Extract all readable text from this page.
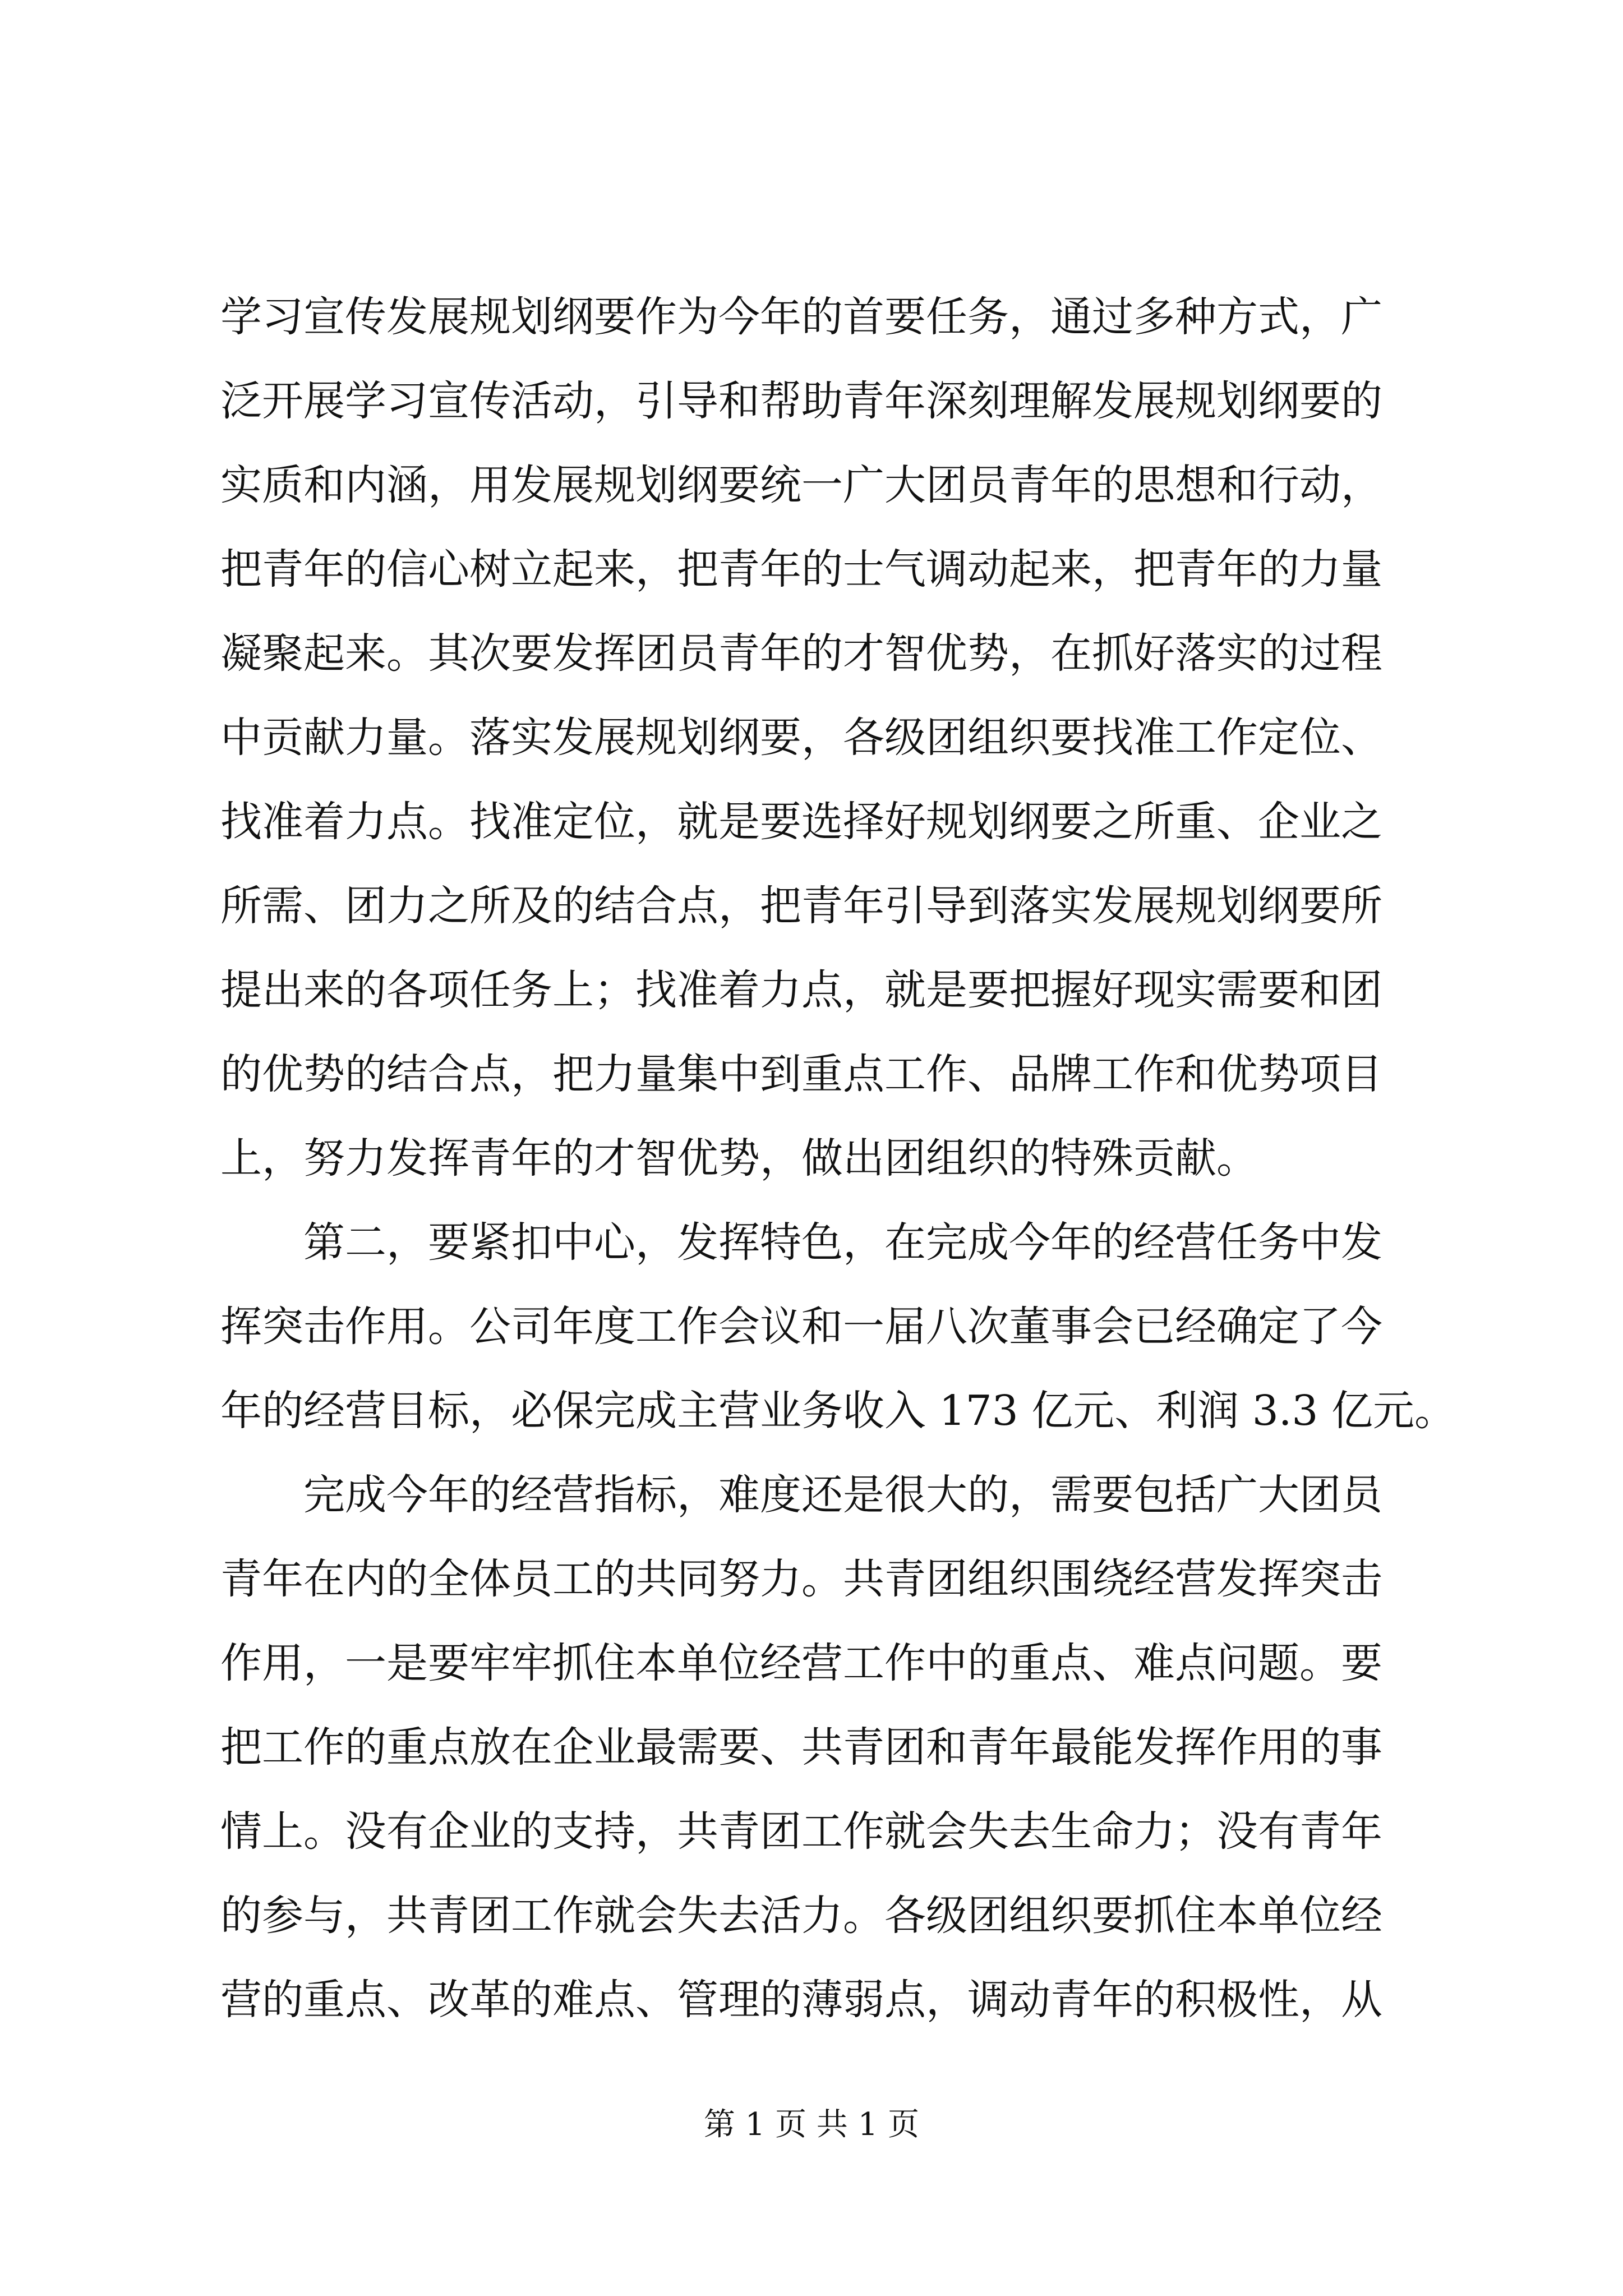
学习宣传发展规划纲要作为今年的首要任务，通过多种方式，广
泛开展学习宣传活动，引导和帮助青年深刻理解发展规划纲要的
实质和内涵，用发展规划纲要统一广大团员青年的思想和行动，
把青年的信心树立起来，把青年的士气调动起来，把青年的力量
凝聚起来。其次要发挥团员青年的才智优势，在抓好落实的过程
中贡献力量。落实发展规划纲要，各级团组织要找准工作定位、
找准着力点。找准定位，就是要选择好规划纲要之所重、企业之
所需、团力之所及的结合点，把青年引导到落实发展规划纲要所
提出来的各项任务上；找准着力点，就是要把握好现实需要和团
的优势的结合点，把力量集中到重点工作、品牌工作和优势项目
上，努力发挥青年的才智优势，做出团组织的特殊贡献。
第二，要紧扣中心，发挥特色，在完成今年的经营任务中发
挥突击作用。公司年度工作会议和一届八次董事会已经确定了今
年的经营目标，必保完成主营业务收入 173 亿元、利润 3.3 亿元。
完成今年的经营指标，难度还是很大的，需要包括广大团员
青年在内的全体员工的共同努力。共青团组织围绕经营发挥突击
作用，一是要牢牢抓住本单位经营工作中的重点、难点问题。要
把工作的重点放在企业最需要、共青团和青年最能发挥作用的事
情上。没有企业的支持，共青团工作就会失去生命力；没有青年
的参与，共青团工作就会失去活力。各级团组织要抓住本单位经
营的重点、改革的难点、管理的薄弱点，调动青年的积极性，从
第 1 页 共 1 页
